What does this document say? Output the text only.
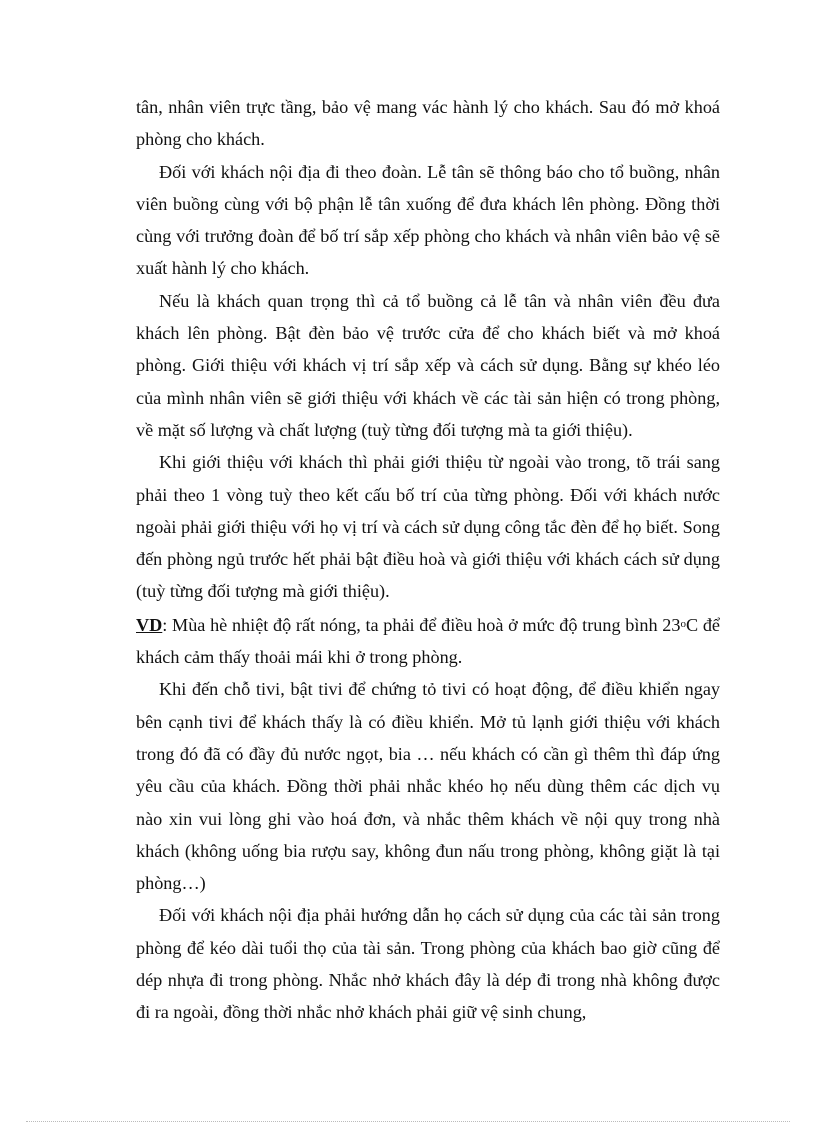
tân, nhân viên trực tầng, bảo vệ mang vác hành lý cho khách. Sau đó mở khoá phòng cho khách.

Đối với khách nội địa đi theo đoàn. Lễ tân sẽ thông báo cho tổ buồng, nhân viên buồng cùng với bộ phận lễ tân xuống để đưa khách lên phòng. Đồng thời cùng với trưởng đoàn để bố trí sắp xếp phòng cho khách và nhân viên bảo vệ sẽ xuất hành lý cho khách.

Nếu là khách quan trọng thì cả tổ buồng cả lễ tân và nhân viên đều đưa khách lên phòng. Bật đèn bảo vệ trước cửa để cho khách biết và mở khoá phòng. Giới thiệu với khách vị trí sắp xếp và cách sử dụng. Bằng sự khéo léo của mình nhân viên sẽ giới thiệu với khách về các tài sản hiện có trong phòng, về mặt số lượng và chất lượng (tuỳ từng đối tượng mà ta giới thiệu).

Khi giới thiệu với khách thì phải giới thiệu từ ngoài vào trong, tõ trái sang phải theo 1 vòng tuỳ theo kết cấu bố trí của từng phòng. Đối với khách nước ngoài phải giới thiệu với họ vị trí và cách sử dụng công tắc đèn để họ biết. Song đến phòng ngủ trước hết phải bật điều hoà và giới thiệu với khách cách sử dụng (tuỳ từng đối tượng mà giới thiệu).

VD: Mùa hè nhiệt độ rất nóng, ta phải để điều hoà ở mức độ trung bình 23$^o$C để khách cảm thấy thoải mái khi ở trong phòng.

Khi đến chỗ tivi, bật tivi để chứng tỏ tivi có hoạt động, để điều khiển ngay bên cạnh tivi để khách thấy là có điều khiển. Mở tủ lạnh giới thiệu với khách trong đó đã có đầy đủ nước ngọt, bia … nếu khách có cần gì thêm thì đáp ứng yêu cầu của khách. Đồng thời phải nhắc khéo họ nếu dùng thêm các dịch vụ nào xin vui lòng ghi vào hoá đơn, và nhắc thêm khách về nội quy trong nhà khách (không uống bia rượu say, không đun nấu trong phòng, không giặt là tại phòng…)

Đối với khách nội địa phải hướng dẫn họ cách sử dụng của các tài sản trong phòng để kéo dài tuổi thọ của tài sản. Trong phòng của khách bao giờ cũng để dép nhựa đi trong phòng. Nhắc nhở khách đây là dép đi trong nhà không được đi ra ngoài, đồng thời nhắc nhở khách phải giữ vệ sinh chung,
